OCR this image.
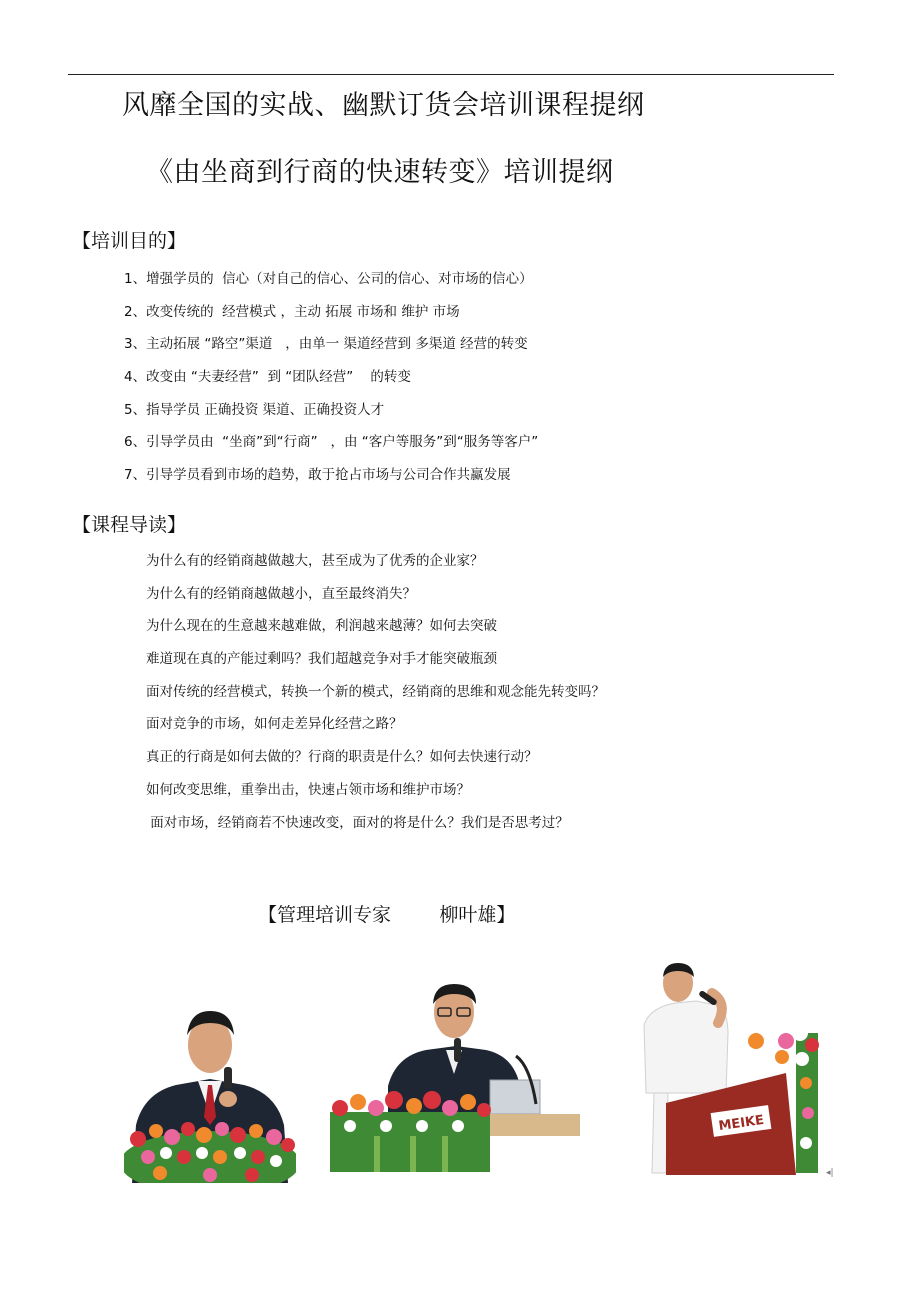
风靡全国的实战、幽默订货会培训课程提纲
《由坐商到行商的快速转变》培训提纲
【培训目的】
1、增强学员的  信心（对自己的信心、公司的信心、对市场的信心）
2、改变传统的  经营模式 ，主动 拓展 市场和 维护 市场
3、主动拓展 “路空”渠道   ，由单一 渠道经营到 多渠道 经营的转变
4、改变由 “夫妻经营”  到 “团队经营”    的转变
5、指导学员 正确投资 渠道、正确投资人才
6、引导学员由  “坐商”到“行商”   ，由 “客户等服务”到“服务等客户”
7、引导学员看到市场的趋势，敢于抢占市场与公司合作共赢发展
【课程导读】
为什么有的经销商越做越大，甚至成为了优秀的企业家？
为什么有的经销商越做越小，直至最终消失？
为什么现在的生意越来越难做，利润越来越薄？如何去突破
难道现在真的产能过剩吗？我们超越竞争对手才能突破瓶颈
面对传统的经营模式，转换一个新的模式，经销商的思维和观念能先转变吗？
面对竞争的市场，如何走差异化经营之路？
真正的行商是如何去做的？行商的职责是什么？如何去快速行动？
如何改变思维，重拳出击，快速占领市场和维护市场？
面对市场，经销商若不快速改变，面对的将是什么？我们是否思考过？
【管理培训专家        柳叶雄】
MEIKE
◂|
